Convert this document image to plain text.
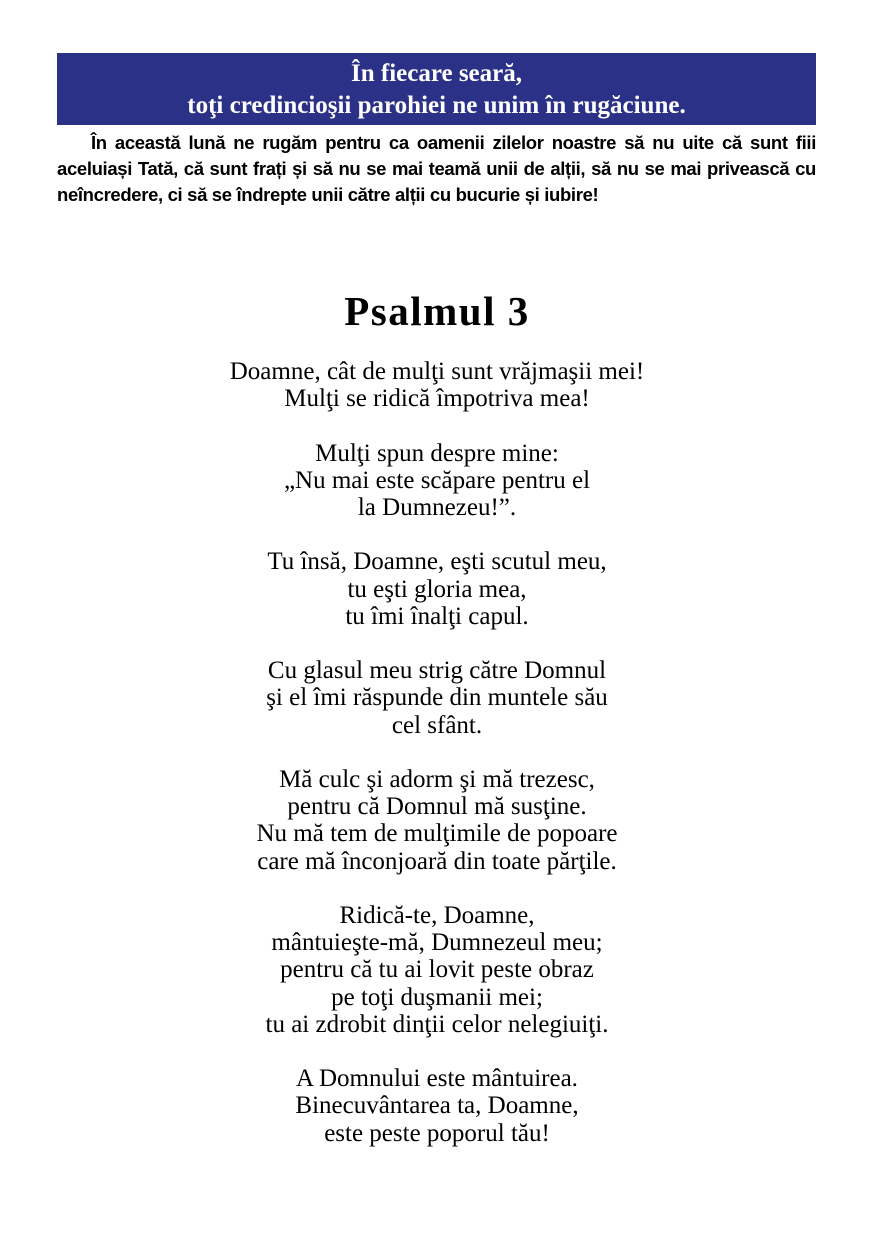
În fiecare seară,
toţi credincioşii parohiei ne unim în rugăciune.

În această lună ne rugăm pentru ca oamenii zilelor noastre să nu uite că sunt fiii aceluiași Tată, că sunt frați și să nu se mai teamă unii de alții, să nu se mai privească cu neîncredere, ci să se îndrepte unii către alții cu bucurie și iubire!

Psalmul 3

Doamne, cât de mulţi sunt vrăjmaşii mei!
Mulţi se ridică împotriva mea!

Mulţi spun despre mine:
„Nu mai este scăpare pentru el
la Dumnezeu!”.

Tu însă, Doamne, eşti scutul meu,
tu eşti gloria mea,
tu îmi înalţi capul.

Cu glasul meu strig către Domnul
şi el îmi răspunde din muntele său
cel sfânt.

Mă culc şi adorm şi mă trezesc,
pentru că Domnul mă susţine.
Nu mă tem de mulţimile de popoare
care mă înconjoară din toate părţile.

Ridică-te, Doamne,
mântuieşte-mă, Dumnezeul meu;
pentru că tu ai lovit peste obraz
pe toţi duşmanii mei;
tu ai zdrobit dinţii celor nelegiuiţi.

A Domnului este mântuirea.
Binecuvântarea ta, Doamne,
este peste poporul tău!
